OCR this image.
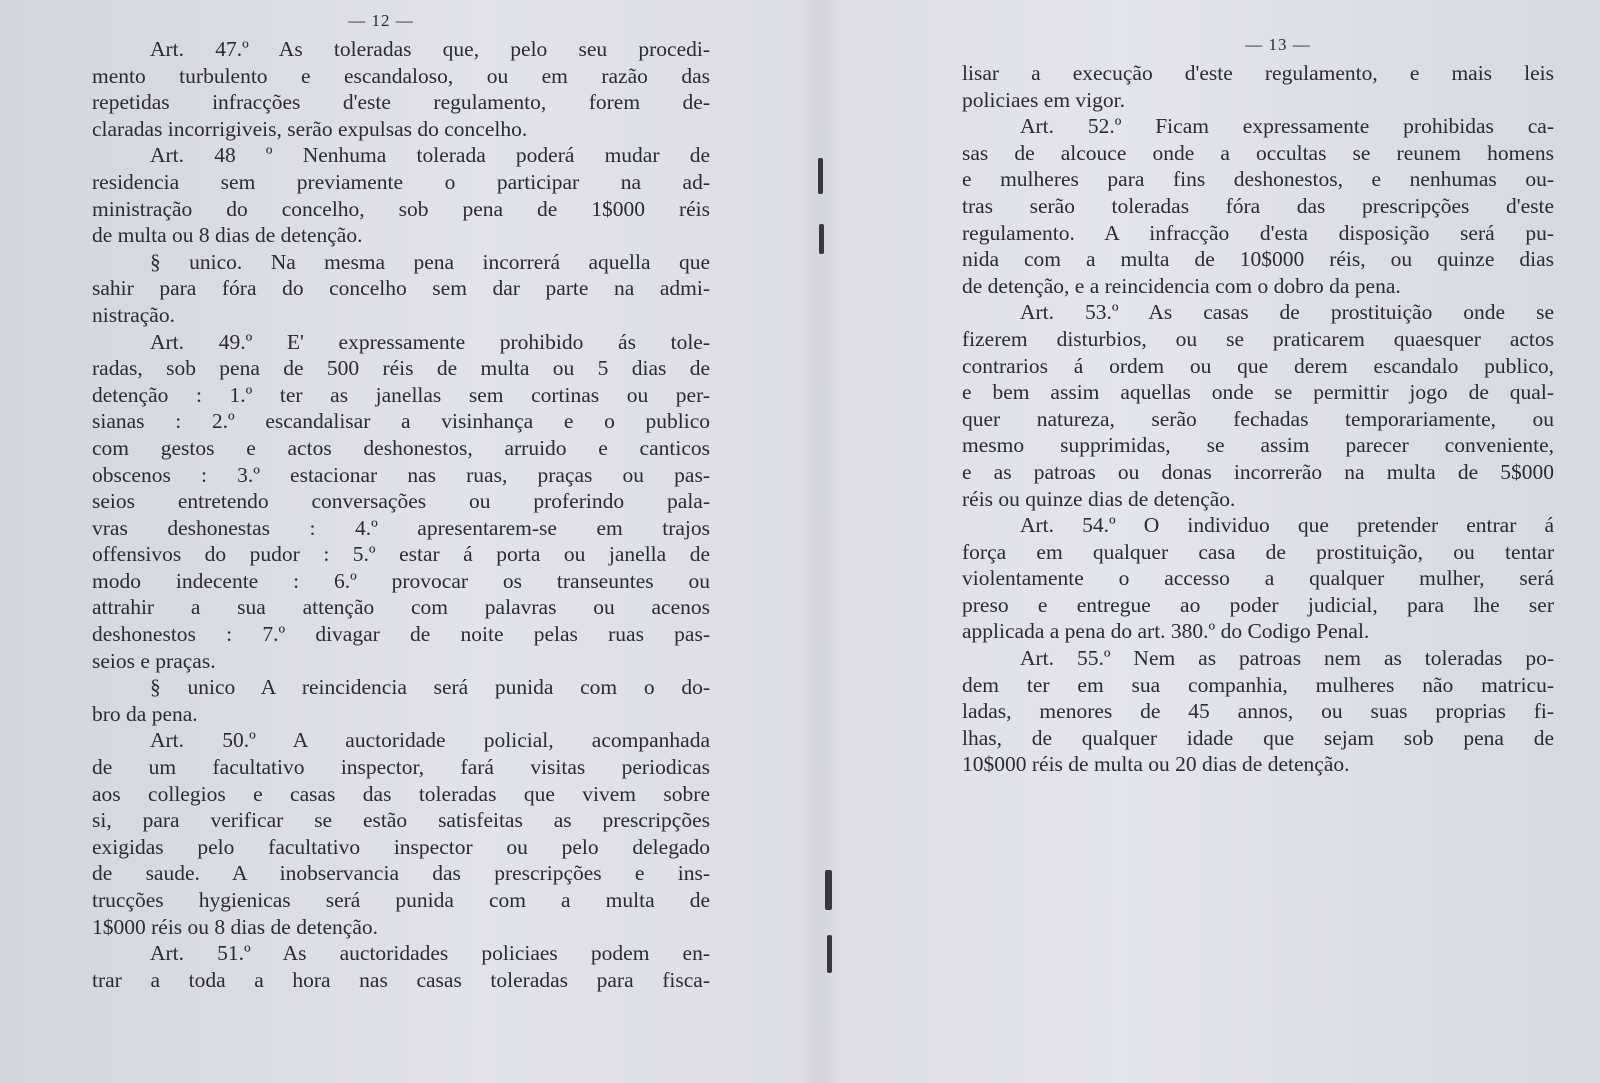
— 12 —
Art. 47.º As toleradas que, pelo seu procedi-
mento turbulento e escandaloso, ou em razão das
repetidas infracções d'este regulamento, forem de-
claradas incorrigiveis, serão expulsas do concelho.
Art. 48 º Nenhuma tolerada poderá mudar de
residencia sem previamente o participar na ad-
ministração do concelho, sob pena de 1$000 réis
de multa ou 8 dias de detenção.
§ unico. Na mesma pena incorrerá aquella que
sahir para fóra do concelho sem dar parte na admi-
nistração.
Art. 49.º E' expressamente prohibido ás tole-
radas, sob pena de 500 réis de multa ou 5 dias de
detenção : 1.º ter as janellas sem cortinas ou per-
sianas : 2.º escandalisar a visinhança e o publico
com gestos e actos deshonestos, arruido e canticos
obscenos : 3.º estacionar nas ruas, praças ou pas-
seios entretendo conversações ou proferindo pala-
vras deshonestas : 4.º apresentarem-se em trajos
offensivos do pudor : 5.º estar á porta ou janella de
modo indecente : 6.º provocar os transeuntes ou
attrahir a sua attenção com palavras ou acenos
deshonestos : 7.º divagar de noite pelas ruas pas-
seios e praças.
§ unico A reincidencia será punida com o do-
bro da pena.
Art. 50.º A auctoridade policial, acompanhada
de um facultativo inspector, fará visitas periodicas
aos collegios e casas das toleradas que vivem sobre
si, para verificar se estão satisfeitas as prescripções
exigidas pelo facultativo inspector ou pelo delegado
de saude. A inobservancia das prescripções e ins-
trucções hygienicas será punida com a multa de
1$000 réis ou 8 dias de detenção.
Art. 51.º As auctoridades policiaes podem en-
trar a toda a hora nas casas toleradas para fisca-
— 13 —
lisar a execução d'este regulamento, e mais leis
policiaes em vigor.
Art. 52.º Ficam expressamente prohibidas ca-
sas de alcouce onde a occultas se reunem homens
e mulheres para fins deshonestos, e nenhumas ou-
tras serão toleradas fóra das prescripções d'este
regulamento. A infracção d'esta disposição será pu-
nida com a multa de 10$000 réis, ou quinze dias
de detenção, e a reincidencia com o dobro da pena.
Art. 53.º As casas de prostituição onde se
fizerem disturbios, ou se praticarem quaesquer actos
contrarios á ordem ou que derem escandalo publico,
e bem assim aquellas onde se permittir jogo de qual-
quer natureza, serão fechadas temporariamente, ou
mesmo supprimidas, se assim parecer conveniente,
e as patroas ou donas incorrerão na multa de 5$000
réis ou quinze dias de detenção.
Art. 54.º O individuo que pretender entrar á
força em qualquer casa de prostituição, ou tentar
violentamente o accesso a qualquer mulher, será
preso e entregue ao poder judicial, para lhe ser
applicada a pena do art. 380.º do Codigo Penal.
Art. 55.º Nem as patroas nem as toleradas po-
dem ter em sua companhia, mulheres não matricu-
ladas, menores de 45 annos, ou suas proprias fi-
lhas, de qualquer idade que sejam sob pena de
10$000 réis de multa ou 20 dias de detenção.
